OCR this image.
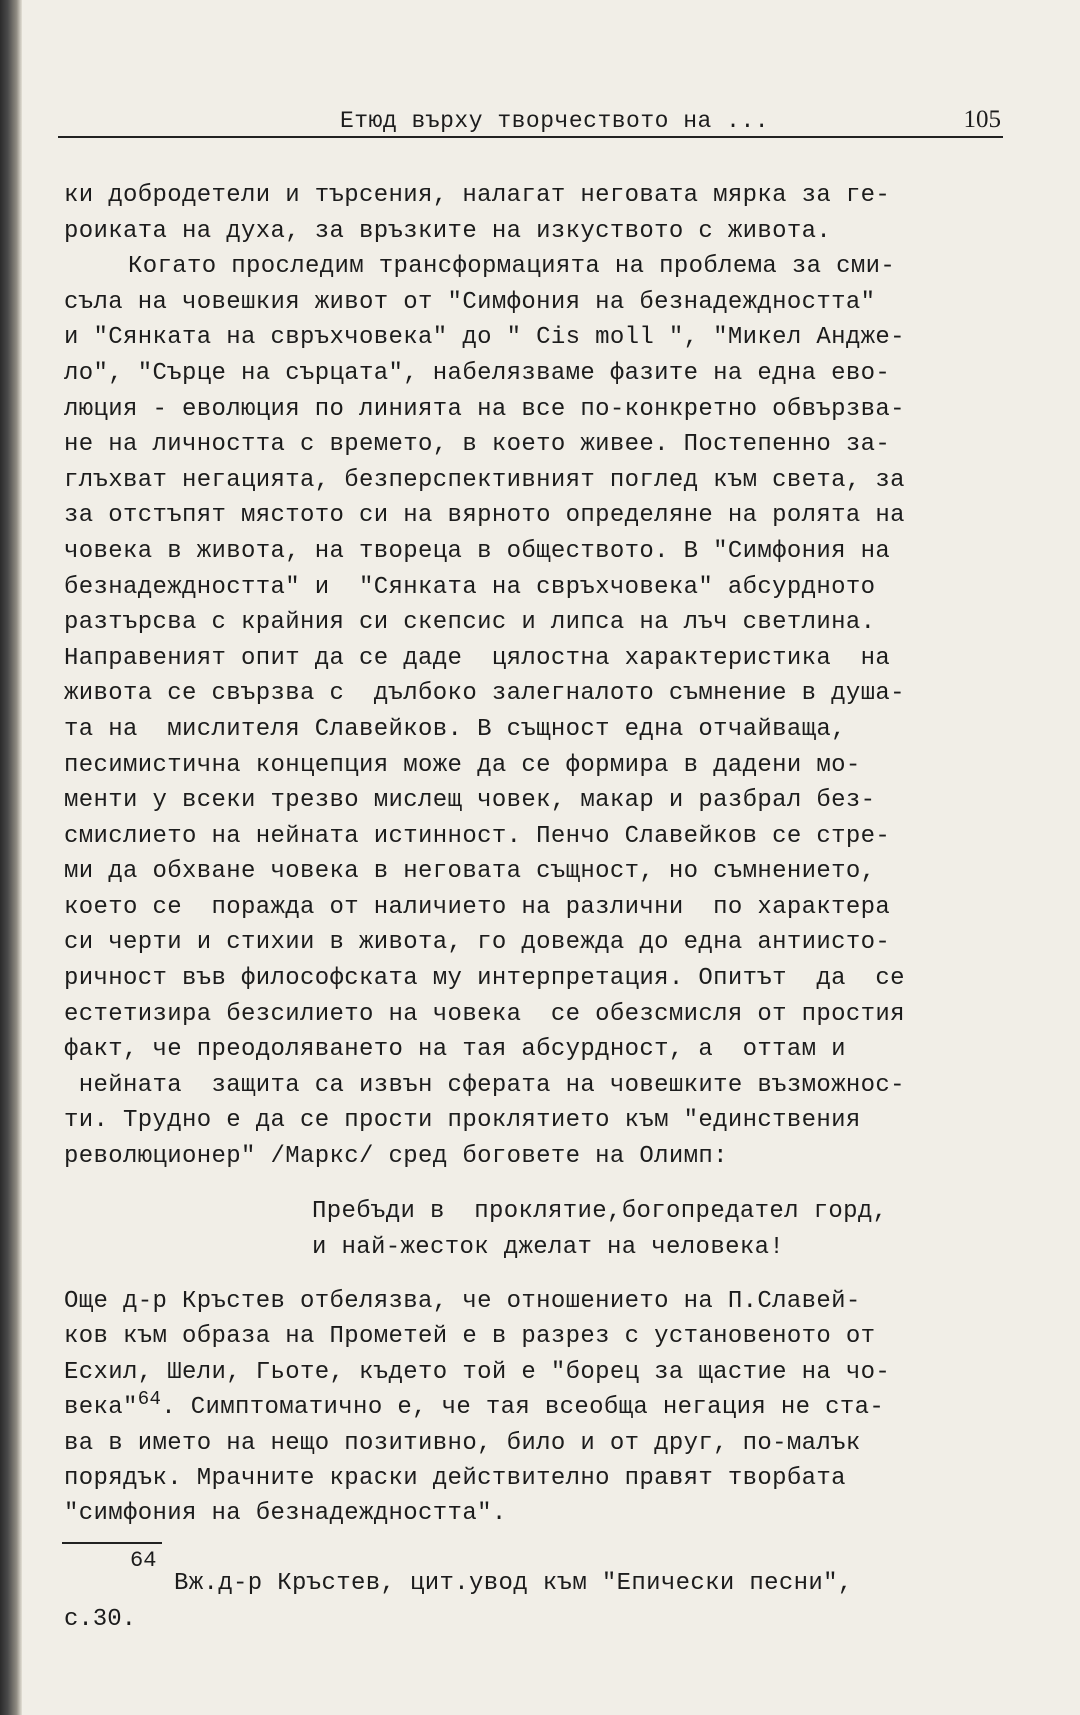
Етюд върху творчеството на ...	105
ки добродетели и търсения, налагат неговата мярка за ге-
роиката на духа, за връзките на изкуството с живота.
Когато проследим трансформацията на проблема за сми-
съла на човешкия живот от "Симфония на безнадеждността"
и "Сянката на свръхчовека" до " Cis moll ", "Микел Андже-
ло", "Сърце на сърцата", набелязваме фазите на една ево-
люция - еволюция по линията на все по-конкретно обвързва-
не на личността с времето, в което живее. Постепенно за-
глъхват негацията, безперспективният поглед към света, за
за отстъпят мястото си на вярното определяне на ролята на
човека в живота, на твореца в обществото. В "Симфония на
безнадеждността" и  "Сянката на свръхчовека" абсурдното
разтърсва с крайния си скепсис и липса на лъч светлина.
Направеният опит да се даде  цялостна характеристика  на
живота се свързва с  дълбоко залегналото съмнение в душа-
та на  мислителя Славейков. В същност една отчайваща,
песимистична концепция може да се формира в дадени мо-
менти у всеки трезво мислещ човек, макар и разбрал без-
смислието на нейната истинност. Пенчо Славейков се стре-
ми да обхване човека в неговата същност, но съмнението,
което се  поражда от наличието на различни  по характера
си черти и стихии в живота, го довежда до една антиисто-
ричност във философската му интерпретация. Опитът  да  се
естетизира безсилието на човека  се обезсмисля от простия
факт, че преодоляването на тая абсурдност, а  оттам и
нейната  защита са извън сферата на човешките възможнос-
ти. Трудно е да се прости проклятието към "единствения
революционер" /Маркс/ сред боговете на Олимп:
Пребъди в  проклятие,богопредател горд,
и най-жесток джелат на человека!
Още д-р Кръстев отбелязва, че отношението на П.Славей-
ков към образа на Прометей е в разрез с установеното от
Есхил, Шели, Гьоте, където той е "борец за щастие на чо-
века"$^{64}$. Симптоматично е, че тая всеобща негация не ста-
ва в името на нещо позитивно, било и от друг, по-малък
порядък. Мрачните краски действително правят творбата
"симфония на безнадеждността".
64
Вж.д-р Кръстев, цит.увод към "Епически песни",
с.30.
